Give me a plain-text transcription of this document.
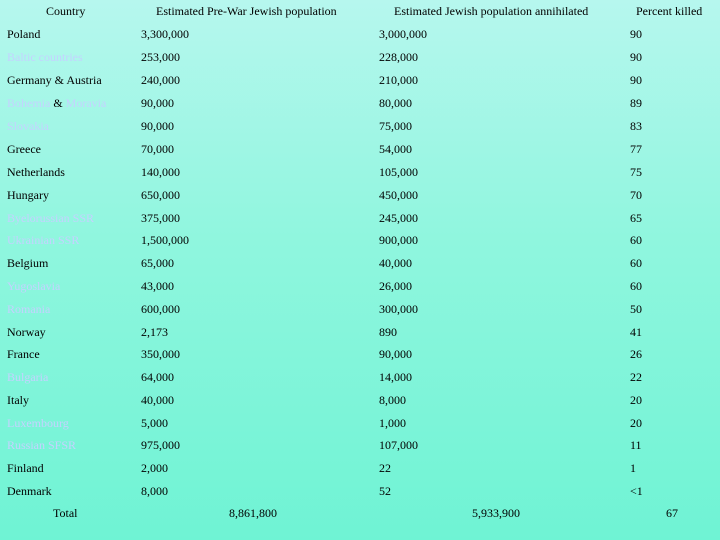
Country	Estimated Pre-War Jewish population	Estimated Jewish population annihilated	Percent killed
Poland	3,300,000	3,000,000	90
Baltic countries	253,000	228,000	90
Germany & Austria	240,000	210,000	90
Bohemia & Moravia	90,000	80,000	89
Slovakia	90,000	75,000	83
Greece	70,000	54,000	77
Netherlands	140,000	105,000	75
Hungary	650,000	450,000	70
Byelorussian SSR	375,000	245,000	65
Ukrainian SSR	1,500,000	900,000	60
Belgium	65,000	40,000	60
Yugoslavia	43,000	26,000	60
Romania	600,000	300,000	50
Norway	2,173	890	41
France	350,000	90,000	26
Bulgaria	64,000	14,000	22
Italy	40,000	8,000	20
Luxembourg	5,000	1,000	20
Russian SFSR	975,000	107,000	11
Finland	2,000	22	1
Denmark	8,000	52	<1
Total	8,861,800	5,933,900	67
